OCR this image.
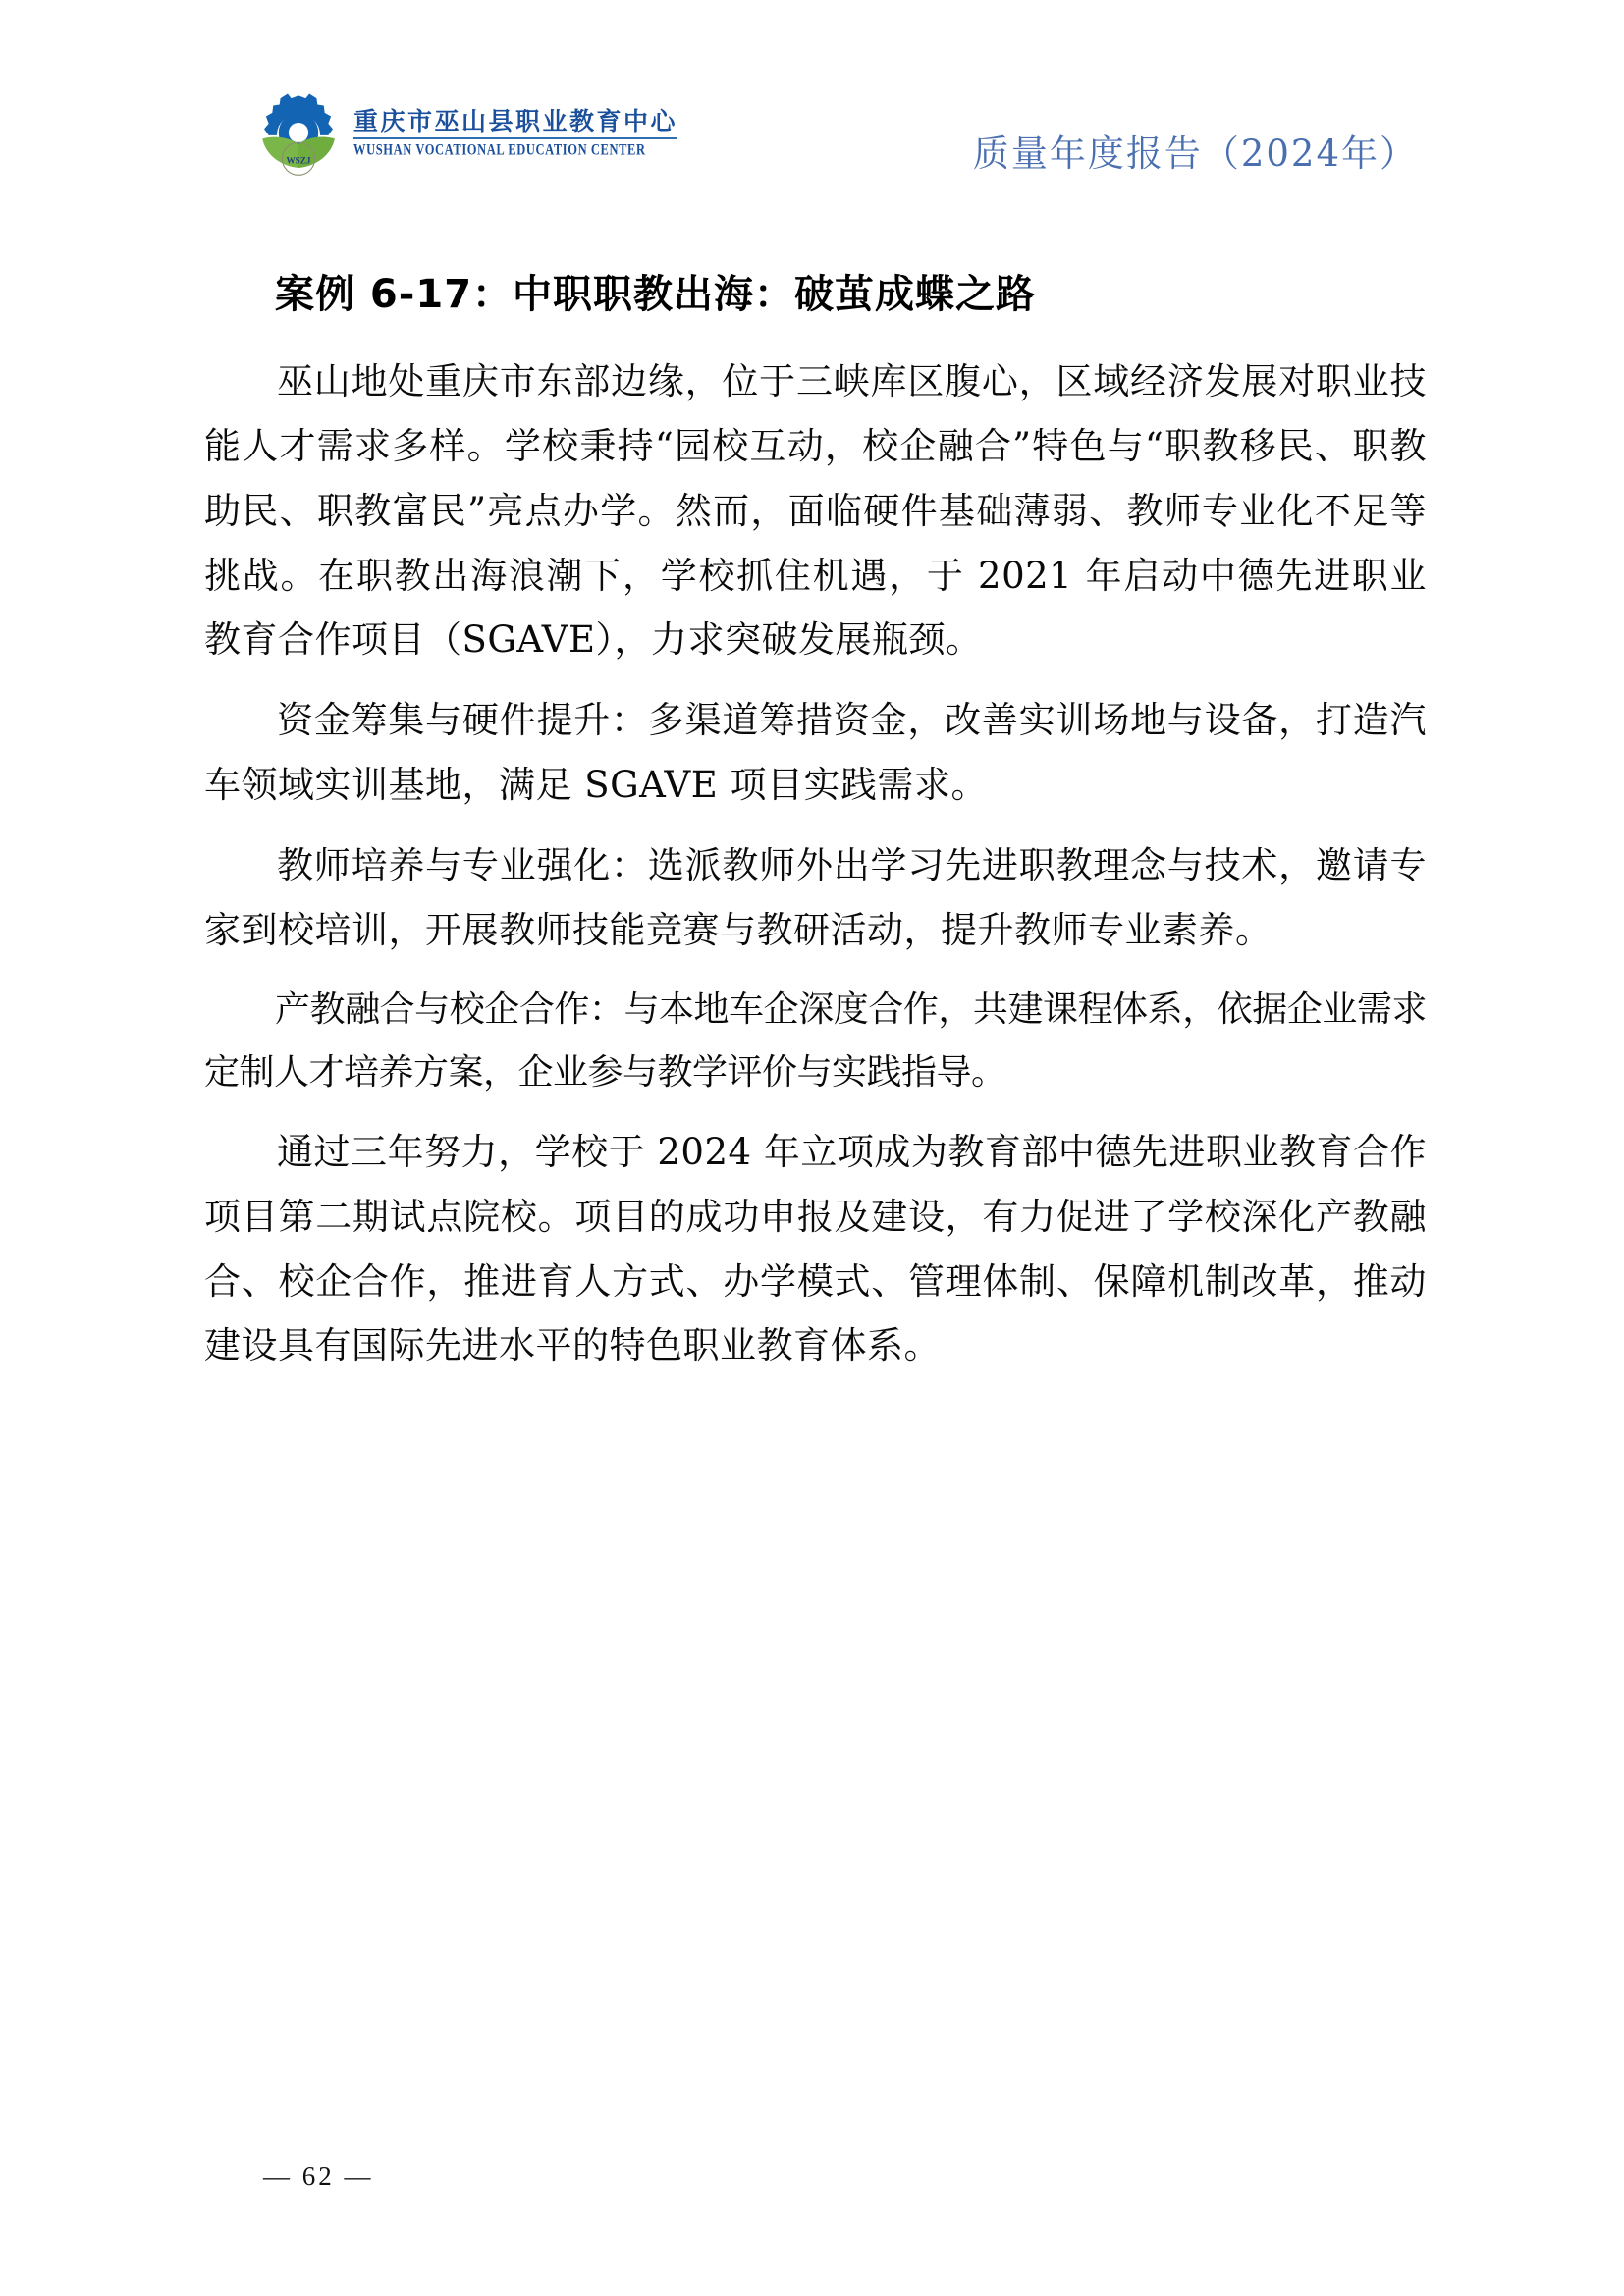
WSZJ
重庆市巫山县职业教育中心
WUSHAN VOCATIONAL EDUCATION CENTER	质量年度报告（2024年）
案例 6-17：中职职教出海：破茧成蝶之路

巫山地处重庆市东部边缘，位于三峡库区腹心，区域经济发展对职业技能人才需求多样。学校秉持“园校互动，校企融合”特色与“职教移民、职教助民、职教富民”亮点办学。然而，面临硬件基础薄弱、教师专业化不足等挑战。在职教出海浪潮下，学校抓住机遇，于 2021 年启动中德先进职业教育合作项目（SGAVE），力求突破发展瓶颈。

资金筹集与硬件提升：多渠道筹措资金，改善实训场地与设备，打造汽车领域实训基地，满足 SGAVE 项目实践需求。

教师培养与专业强化：选派教师外出学习先进职教理念与技术，邀请专家到校培训，开展教师技能竞赛与教研活动，提升教师专业素养。

产教融合与校企合作：与本地车企深度合作，共建课程体系，依据企业需求定制人才培养方案，企业参与教学评价与实践指导。

通过三年努力，学校于 2024 年立项成为教育部中德先进职业教育合作项目第二期试点院校。项目的成功申报及建设，有力促进了学校深化产教融合、校企合作，推进育人方式、办学模式、管理体制、保障机制改革，推动建设具有国际先进水平的特色职业教育体系。

— 62 —
